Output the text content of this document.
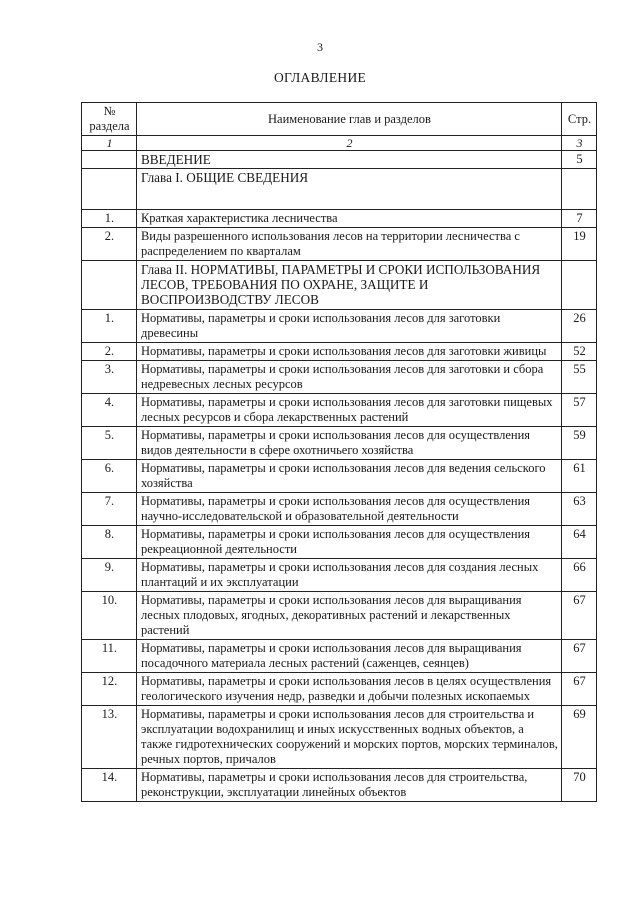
3
ОГЛАВЛЕНИЕ
№ раздела	Наименование глав и разделов	Стр.
1	2	3
	ВВЕДЕНИЕ	5
	Глава I. ОБЩИЕ СВЕДЕНИЯ	
1.	Краткая характеристика лесничества	7
2.	Виды разрешенного использования лесов на территории лесничества с распределением по кварталам	19
	Глава II. НОРМАТИВЫ, ПАРАМЕТРЫ И СРОКИ ИСПОЛЬЗОВАНИЯ ЛЕСОВ, ТРЕБОВАНИЯ ПО ОХРАНЕ, ЗАЩИТЕ И ВОСПРОИЗВОДСТВУ ЛЕСОВ	
1.	Нормативы, параметры и сроки использования лесов для заготовки древесины	26
2.	Нормативы, параметры и сроки использования лесов для заготовки живицы	52
3.	Нормативы, параметры и сроки использования лесов для заготовки и сбора недревесных лесных ресурсов	55
4.	Нормативы, параметры и сроки использования лесов для заготовки пищевых лесных ресурсов и сбора лекарственных растений	57
5.	Нормативы, параметры и сроки использования лесов для осуществления видов деятельности в сфере охотничьего хозяйства	59
6.	Нормативы, параметры и сроки использования лесов для ведения сельского хозяйства	61
7.	Нормативы, параметры и сроки использования лесов для осуществления научно-исследовательской и образовательной деятельности	63
8.	Нормативы, параметры и сроки использования лесов для осуществления рекреационной деятельности	64
9.	Нормативы, параметры и сроки использования лесов для создания лесных плантаций и их эксплуатации	66
10.	Нормативы, параметры и сроки использования лесов для выращивания лесных плодовых, ягодных, декоративных растений и лекарственных растений	67
11.	Нормативы, параметры и сроки использования лесов для выращивания посадочного материала лесных растений (саженцев, сеянцев)	67
12.	Нормативы, параметры и сроки использования лесов в целях осуществления геологического изучения недр, разведки и добычи полезных ископаемых	67
13.	Нормативы, параметры и сроки использования лесов для строительства и эксплуатации водохранилищ и иных искусственных водных объектов, а также гидротехнических сооружений и морских портов, морских терминалов, речных портов, причалов	69
14.	Нормативы, параметры и сроки использования лесов для строительства, реконструкции, эксплуатации линейных объектов	70
